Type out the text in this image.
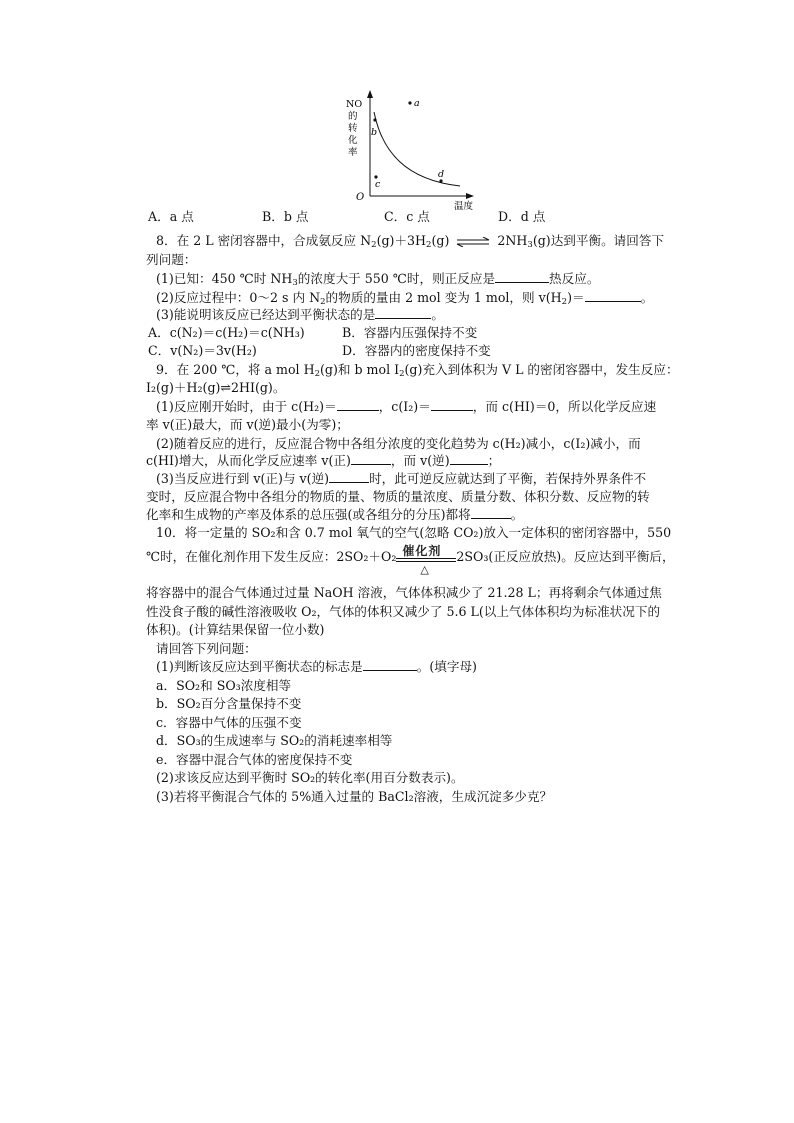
NO
的
转
化
率
O
温度
a
b
c
d
A．a 点	B．b 点	C．c 点	D．d 点
8．在 2 L 密闭容器中，合成氨反应 $N_2(g)+3H_2(g)$ ⇌ $2NH_3(g)$达到平衡。请回答下
列问题：
(1)已知：450 ℃时 $NH_3$的浓度大于 550 ℃时，则正反应是	热反应。
(2)反应过程中：0～2 s 内 $N_2$的物质的量由 2 mol 变为 1 mol，则 $v(H_2)=$	。
(3)能说明该反应已经达到平衡状态的是	。
A．c(N₂)＝c(H₂)＝c(NH₃)	B．容器内压强保持不变
C．v(N₂)＝3v(H₂)	D．容器内的密度保持不变
9．在 200 ℃，将 a mol $H_2(g)$和 b mol $I_2(g)$充入到体积为 V L 的密闭容器中，发生反应：
I₂(g)＋H₂(g)⇌2HI(g)。
(1)反应刚开始时，由于 c(H₂)＝	，c(I₂)＝	，而 c(HI)＝0，所以化学反应速
率 v(正)最大，而 v(逆)最小(为零)；
(2)随着反应的进行，反应混合物中各组分浓度的变化趋势为 c(H₂)减小，c(I₂)减小，而
c(HI)增大，从而化学反应速率 v(正)	，而 v(逆)	；
(3)当反应进行到 v(正)与 v(逆)	时，此可逆反应就达到了平衡，若保持外界条件不
变时，反应混合物中各组分的物质的量、物质的量浓度、质量分数、体积分数、反应物的转
化率和生成物的产率及体系的总压强(或各组分的分压)都将	。
10．将一定量的 SO₂和含 0.7 mol 氧气的空气(忽略 CO₂)放入一定体积的密闭容器中，550
℃时，在催化剂作用下发生反应：2SO₂＋O₂ 催化剂
△
2SO₃(正反应放热)。反应达到平衡后，
将容器中的混合气体通过过量 NaOH 溶液，气体体积减少了 21.28 L；再将剩余气体通过焦
性没食子酸的碱性溶液吸收 O₂，气体的体积又减少了 5.6 L(以上气体体积均为标准状况下的
体积)。(计算结果保留一位小数)
请回答下列问题：
(1)判断该反应达到平衡状态的标志是	。(填字母)
a．SO₂和 SO₃浓度相等
b．SO₂百分含量保持不变
c．容器中气体的压强不变
d．SO₃的生成速率与 SO₂的消耗速率相等
e．容器中混合气体的密度保持不变
(2)求该反应达到平衡时 SO₂的转化率(用百分数表示)。
(3)若将平衡混合气体的 5%通入过量的 BaCl₂溶液，生成沉淀多少克？
